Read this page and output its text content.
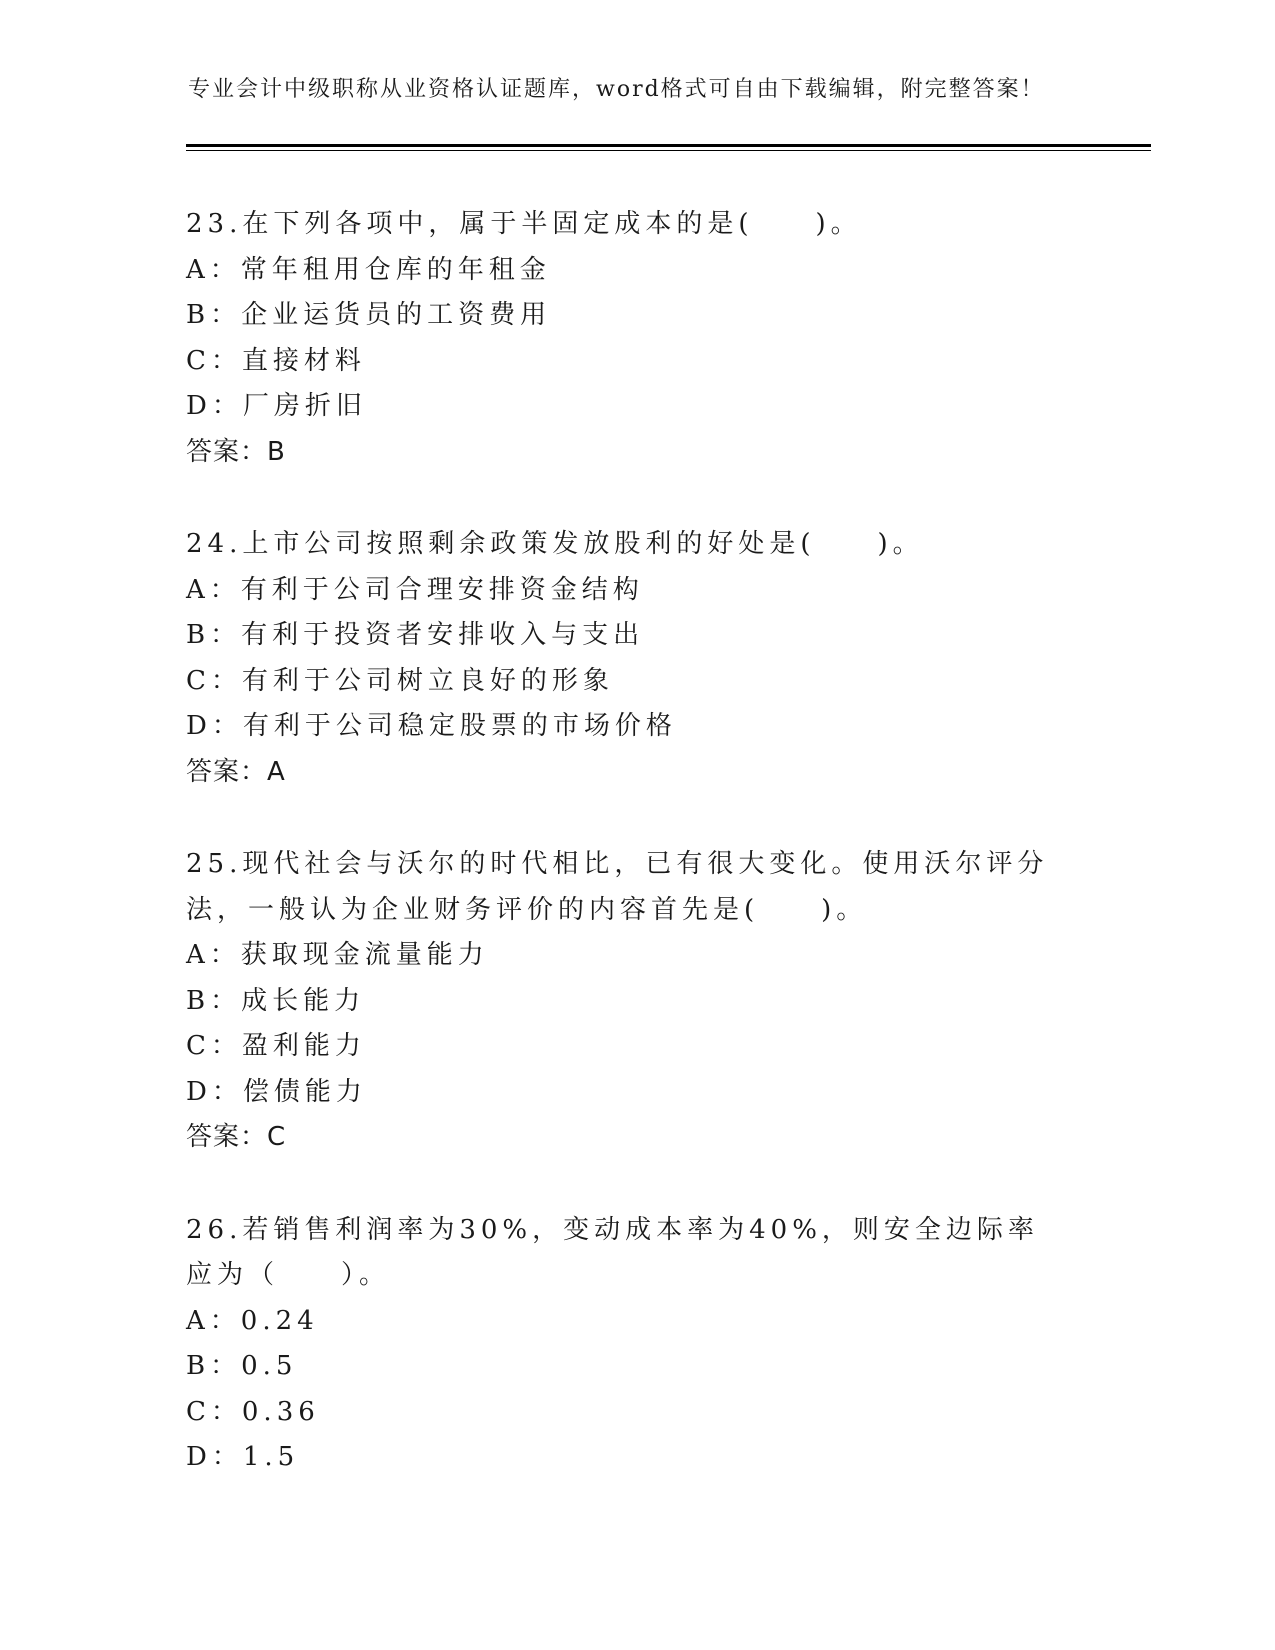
专业会计中级职称从业资格认证题库，word格式可自由下载编辑，附完整答案！
23.在下列各项中，属于半固定成本的是(　　)。
A：常年租用仓库的年租金
B：企业运货员的工资费用
C：直接材料
D：厂房折旧
答案：B
24.上市公司按照剩余政策发放股利的好处是(　　)。
A：有利于公司合理安排资金结构
B：有利于投资者安排收入与支出
C：有利于公司树立良好的形象
D：有利于公司稳定股票的市场价格
答案：A
25.现代社会与沃尔的时代相比，已有很大变化。使用沃尔评分法，一般认为企业财务评价的内容首先是(　　)。
A：获取现金流量能力
B：成长能力
C：盈利能力
D：偿债能力
答案：C
26.若销售利润率为30%，变动成本率为40%，则安全边际率应为（　　）。
A：0.24
B：0.5
C：0.36
D：1.5
